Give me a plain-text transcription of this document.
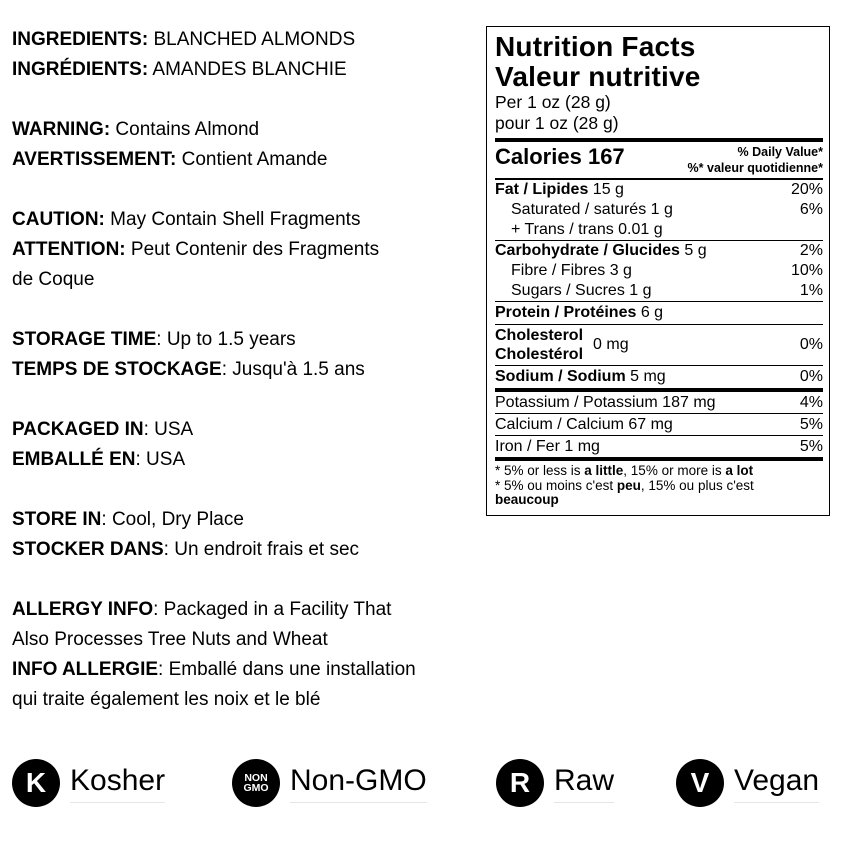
INGREDIENTS: BLANCHED ALMONDS
INGRÉDIENTS: AMANDES BLANCHIE
WARNING: Contains Almond
AVERTISSEMENT: Contient Amande
CAUTION: May Contain Shell Fragments
ATTENTION: Peut Contenir des Fragments
de Coque
STORAGE TIME: Up to 1.5 years
TEMPS DE STOCKAGE: Jusqu'à 1.5 ans
PACKAGED IN: USA
EMBALLÉ EN: USA
STORE IN: Cool, Dry Place
STOCKER DANS: Un endroit frais et sec
ALLERGY INFO: Packaged in a Facility That
Also Processes Tree Nuts and Wheat
INFO ALLERGIE: Emballé dans une installation
qui traite également les noix et le blé
Nutrition Facts
Valeur nutritive
Per 1 oz (28 g)
pour 1 oz (28 g)
Calories 167	% Daily Value*
%* valeur quotidienne*
Fat / Lipides 15 g	20%
Saturated / saturés 1 g	6%
+ Trans / trans 0.01 g
Carbohydrate / Glucides 5 g	2%
Fibre / Fibres 3 g	10%
Sugars / Sucres 1 g	1%
Protein / Protéines 6 g
Cholesterol
Cholestérol
0 mg	0%
Sodium / Sodium 5 mg	0%
Potassium / Potassium 187 mg	4%
Calcium / Calcium 67 mg	5%
Iron / Fer 1 mg	5%
* 5% or less is a little, 15% or more is a lot
* 5% ou moins c'est peu, 15% ou plus c'est
beaucoup
K Kosher	NON
GMO Non-GMO	R Raw	V Vegan
